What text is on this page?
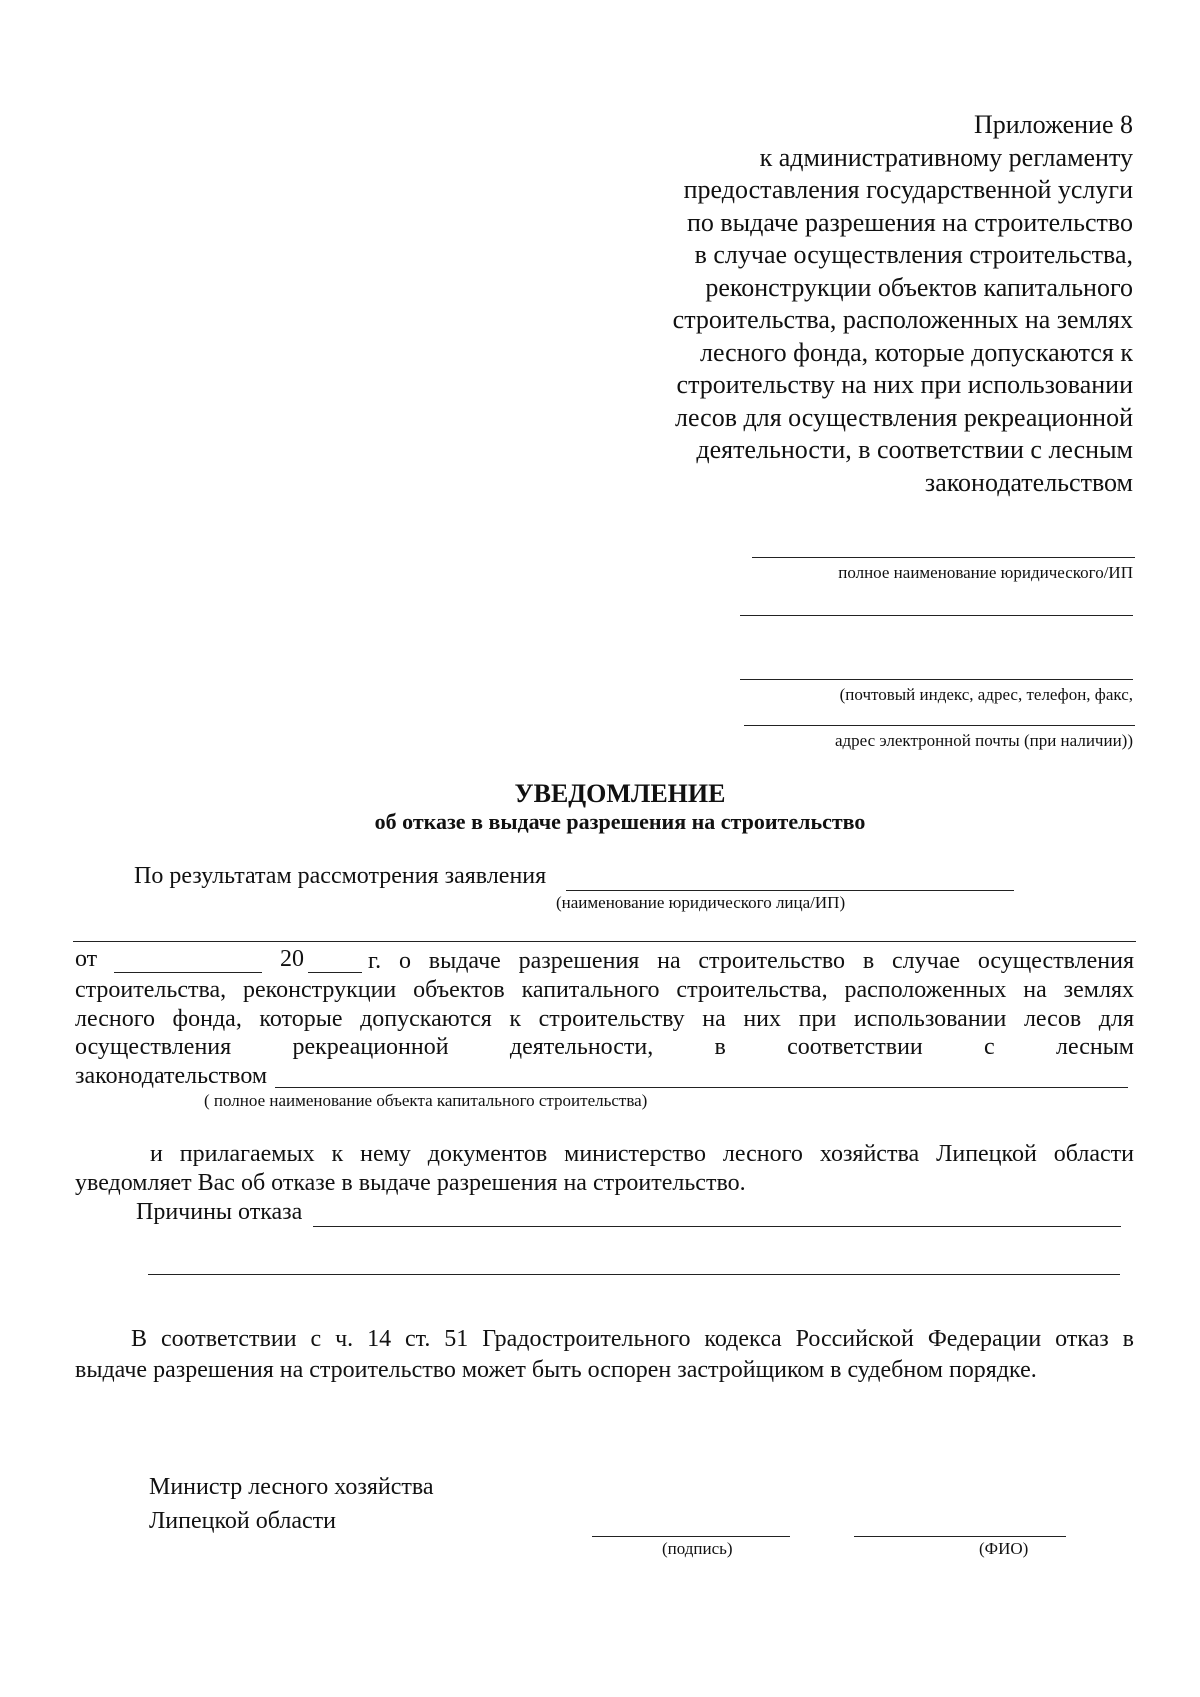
Приложение 8
к административному регламенту
предоставления государственной услуги
по выдаче разрешения на строительство
в случае осуществления строительства,
реконструкции объектов капитального
строительства, расположенных на землях
лесного фонда, которые допускаются к
строительству на них при использовании
лесов для осуществления рекреационной
деятельности, в соответствии с лесным
законодательством
полное наименование юридического/ИП
(почтовый индекс, адрес, телефон, факс,
адрес электронной почты (при наличии))
УВЕДОМЛЕНИЕ
об отказе в выдаче разрешения на строительство
По результатам рассмотрения заявления
(наименование юридического лица/ИП)
от	20	г. о выдаче разрешения на строительство в случае осуществления
строительства, реконструкции объектов капитального строительства, расположенных на землях
лесного фонда, которые допускаются к строительству на них при использовании лесов для
осуществления рекреационной деятельности, в соответствии с лесным
законодательством
( полное наименование объекта капитального строительства)
и прилагаемых к нему документов министерство лесного хозяйства Липецкой области
уведомляет Вас об отказе в выдаче разрешения на строительство.
Причины отказа
В соответствии с ч. 14 ст. 51 Градостроительного кодекса Российской Федерации отказ в
выдаче разрешения на строительство может быть оспорен застройщиком в судебном порядке.
Министр лесного хозяйства
Липецкой области
(подпись)	(ФИО)
